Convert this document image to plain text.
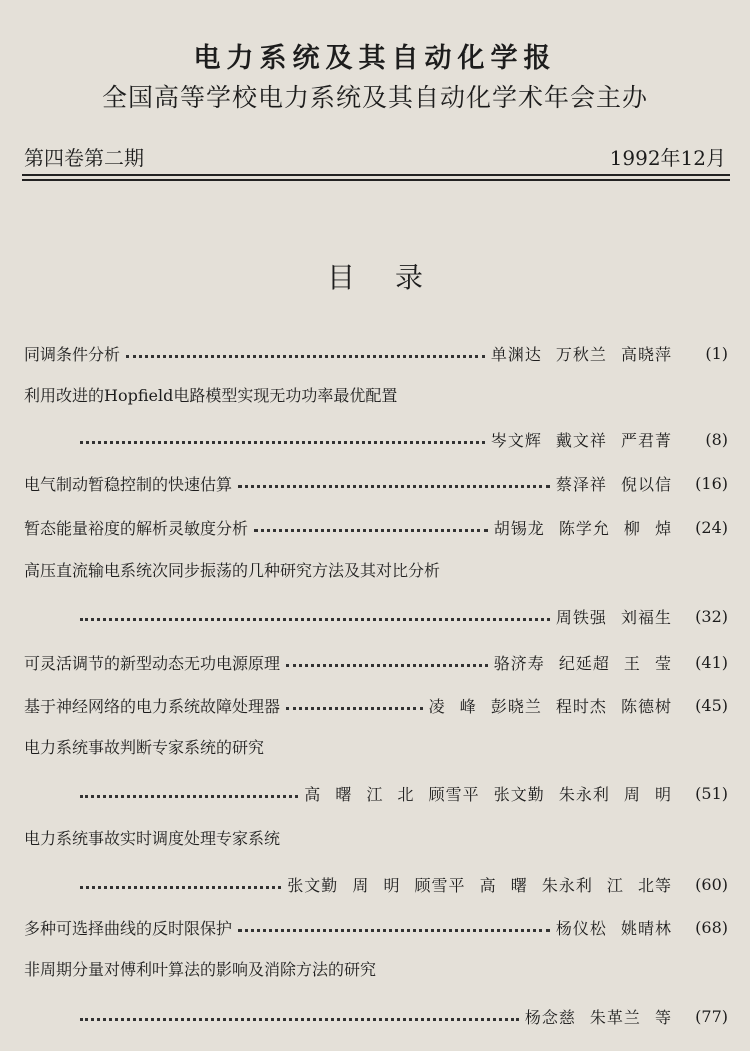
电力系统及其自动化学报
全国高等学校电力系统及其自动化学术年会主办
第四卷第二期	1992年12月
目录
同调条件分析	单渊达 万秋兰 高晓萍	(1)
利用改进的Hopfield电路模型实现无功功率最优配置
岑文辉 戴文祥 严君菁	(8)
电气制动暂稳控制的快速估算	蔡泽祥 倪以信	(16)
暂态能量裕度的解析灵敏度分析	胡锡龙 陈学允 柳 焯	(24)
高压直流输电系统次同步振荡的几种研究方法及其对比分析
周铁强 刘福生	(32)
可灵活调节的新型动态无功电源原理	骆济寿 纪延超 王 莹	(41)
基于神经网络的电力系统故障处理器	凌 峰 彭晓兰 程时杰 陈德树	(45)
电力系统事故判断专家系统的研究
高 曙 江 北 顾雪平 张文勤 朱永利 周 明	(51)
电力系统事故实时调度处理专家系统
张文勤 周 明 顾雪平 高 曙 朱永利 江 北等	(60)
多种可选择曲线的反时限保护	杨仪松 姚晴林	(68)
非周期分量对傅利叶算法的影响及消除方法的研究
杨念慈 朱革兰 等	(77)
